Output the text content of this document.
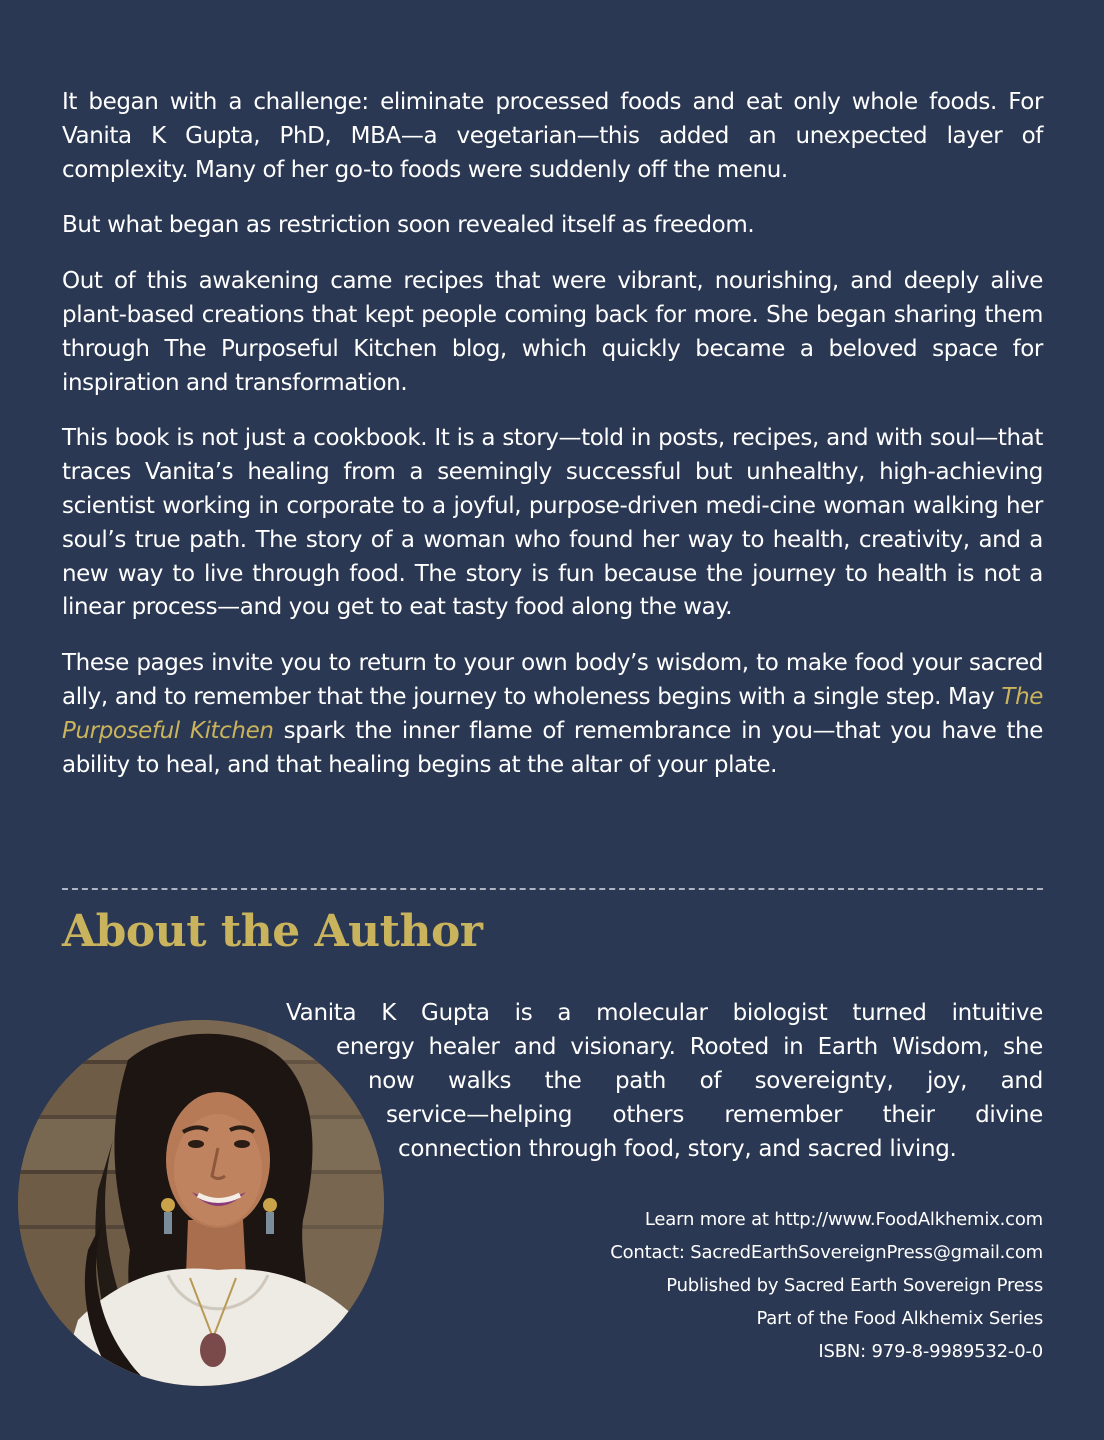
It began with a challenge: eliminate processed foods and eat only whole foods. For Vanita K Gupta, PhD, MBA—a vegetarian—this added an unexpected layer of complexity. Many of her go-to foods were suddenly off the menu.

But what began as restriction soon revealed itself as freedom.

Out of this awakening came recipes that were vibrant, nourishing, and deeply alive plant-based creations that kept people coming back for more. She began sharing them through The Purposeful Kitchen blog, which quickly became a beloved space for inspiration and transformation.

This book is not just a cookbook. It is a story—told in posts, recipes, and with soul—that traces Vanita’s healing from a seemingly successful but unhealthy, high-achieving scientist working in corporate to a joyful, purpose-driven medi-cine woman walking her soul’s true path. The story of a woman who found her way to health, creativity, and a new way to live through food. The story is fun because the journey to health is not a linear process—and you get to eat tasty food along the way.

These pages invite you to return to your own body’s wisdom, to make food your sacred ally, and to remember that the journey to wholeness begins with a single step. May The Purposeful Kitchen spark the inner flame of remembrance in you—that you have the ability to heal, and that healing begins at the altar of your plate.

About the Author
Vanita K Gupta is a molecular biologist turned intuitive
energy healer and visionary. Rooted in Earth Wisdom, she
now walks the path of sovereignty, joy, and
service—helping others remember their divine
connection through food, story, and sacred living.
Learn more at http://www.FoodAlkhemix.com
Contact: SacredEarthSovereignPress@gmail.com
Published by Sacred Earth Sovereign Press
Part of the Food Alkhemix Series
ISBN: 979-8-9989532-0-0
